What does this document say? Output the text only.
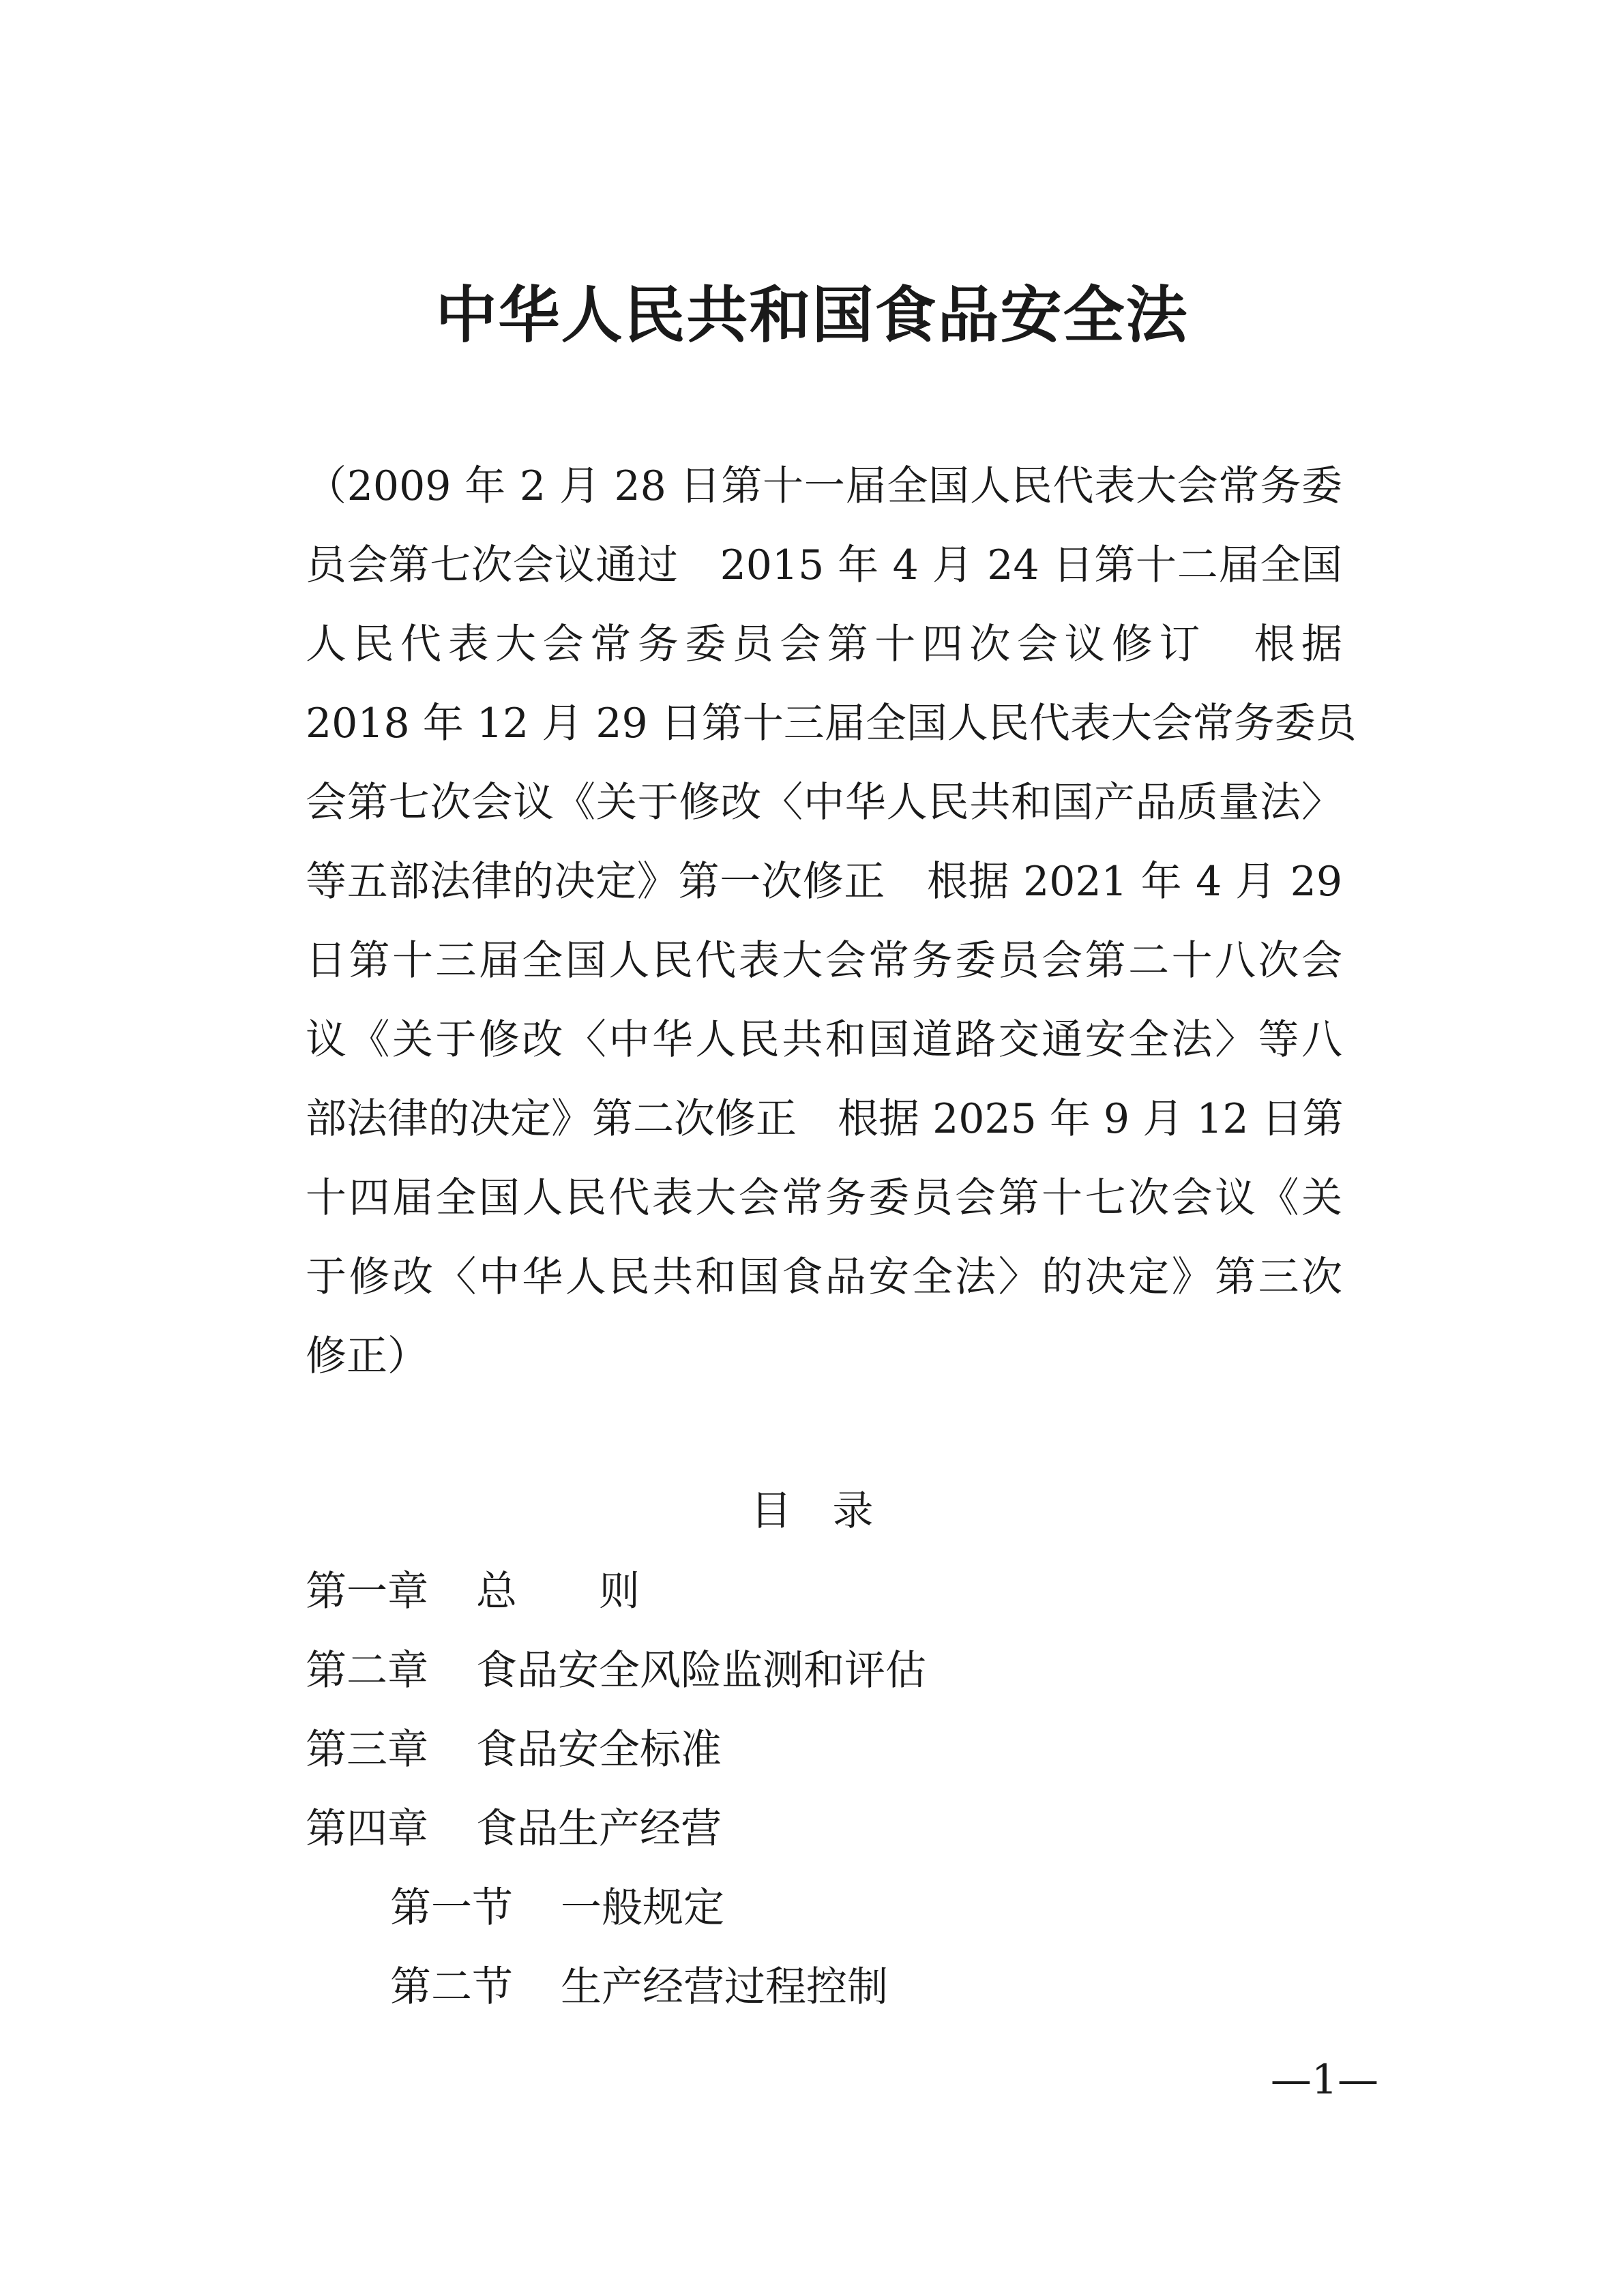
中华人民共和国食品安全法
（2009 年 2 月 28 日第十一届全国人民代表大会常务委
员会第七次会议通过　2015 年 4 月 24 日第十二届全国
人民代表大会常务委员会第十四次会议修订　根据
2018 年 12 月 29 日第十三届全国人民代表大会常务委员
会第七次会议《关于修改〈中华人民共和国产品质量法〉
等五部法律的决定》第一次修正　根据 2021 年 4 月 29
日第十三届全国人民代表大会常务委员会第二十八次会
议《关于修改〈中华人民共和国道路交通安全法〉等八
部法律的决定》第二次修正　根据 2025 年 9 月 12 日第
十四届全国人民代表大会常务委员会第十七次会议《关
于修改〈中华人民共和国食品安全法〉的决定》第三次
修正）
目录
第一章 总　　则
第二章 食品安全风险监测和评估
第三章 食品安全标准
第四章 食品生产经营
第一节 一般规定
第二节 生产经营过程控制
—1—
